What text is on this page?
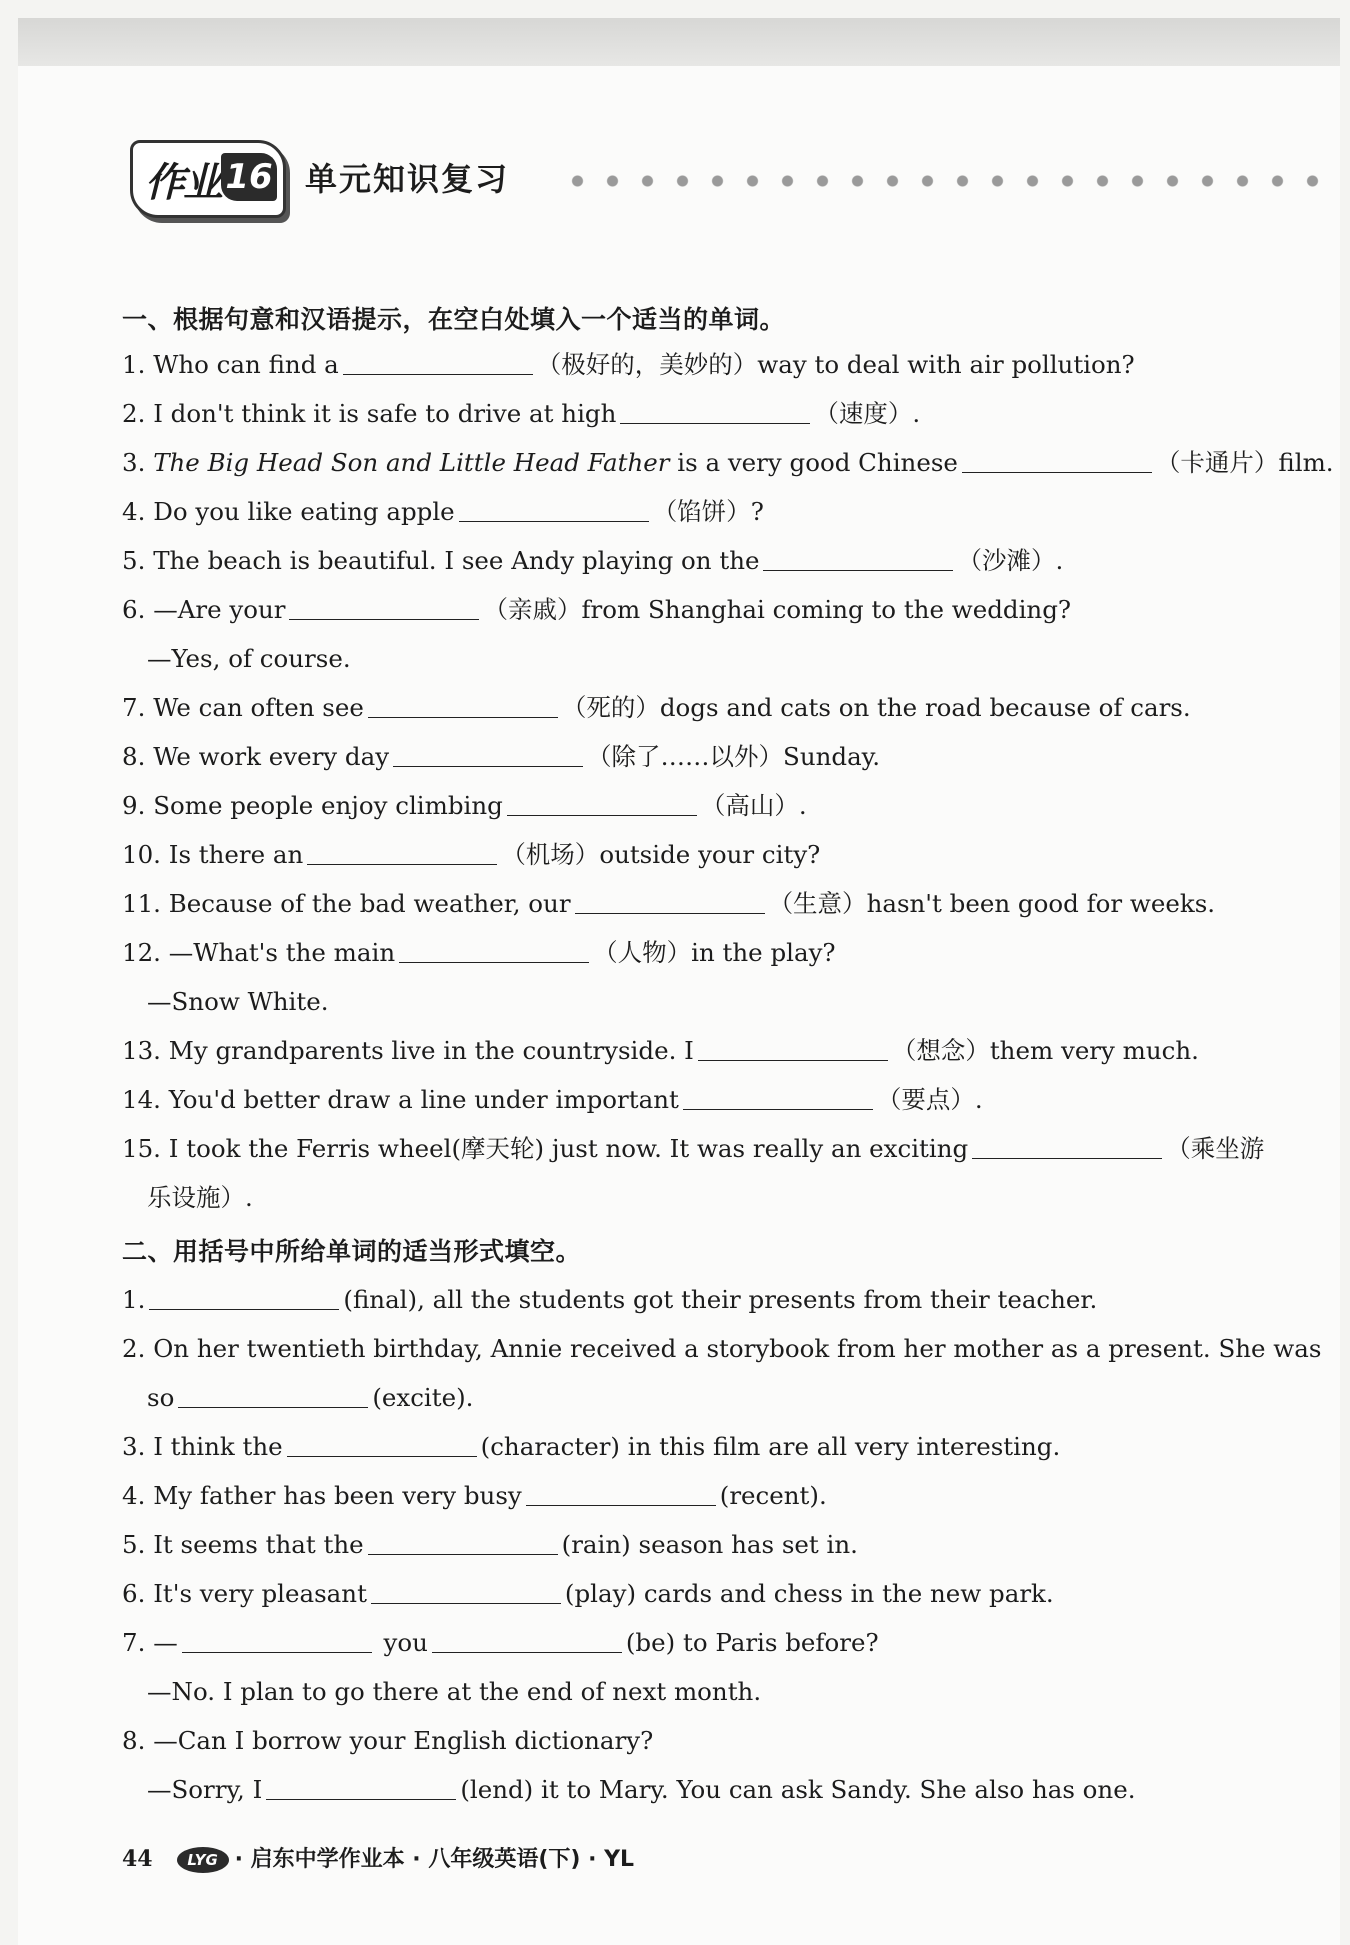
作业 16 单元知识复习
一、根据句意和汉语提示，在空白处填入一个适当的单词。
1. Who can find a	（极好的，美妙的）way to deal with air pollution?
2. I don't think it is safe to drive at high	（速度）.
3. The Big Head Son and Little Head Father is a very good Chinese	（卡通片）film.
4. Do you like eating apple	（馅饼）?
5. The beach is beautiful. I see Andy playing on the	（沙滩）.
6. —Are your	（亲戚）from Shanghai coming to the wedding?
—Yes, of course.
7. We can often see	（死的）dogs and cats on the road because of cars.
8. We work every day	（除了……以外）Sunday.
9. Some people enjoy climbing	（高山）.
10. Is there an	（机场）outside your city?
11. Because of the bad weather, our	（生意）hasn't been good for weeks.
12. —What's the main	（人物）in the play?
—Snow White.
13. My grandparents live in the countryside. I	（想念）them very much.
14. You'd better draw a line under important	（要点）.
15. I took the Ferris wheel(摩天轮) just now. It was really an exciting	（乘坐游
乐设施）.
二、用括号中所给单词的适当形式填空。
1.	(final), all the students got their presents from their teacher.
2. On her twentieth birthday, Annie received a storybook from her mother as a present. She was
so	(excite).
3. I think the	(character) in this film are all very interesting.
4. My father has been very busy	(recent).
5. It seems that the	(rain) season has set in.
6. It's very pleasant	(play) cards and chess in the new park.
7. —	you	(be) to Paris before?
—No. I plan to go there at the end of next month.
8. —Can I borrow your English dictionary?
—Sorry, I	(lend) it to Mary. You can ask Sandy. She also has one.
44 LYG · 启东中学作业本 · 八年级英语(下) · YL
